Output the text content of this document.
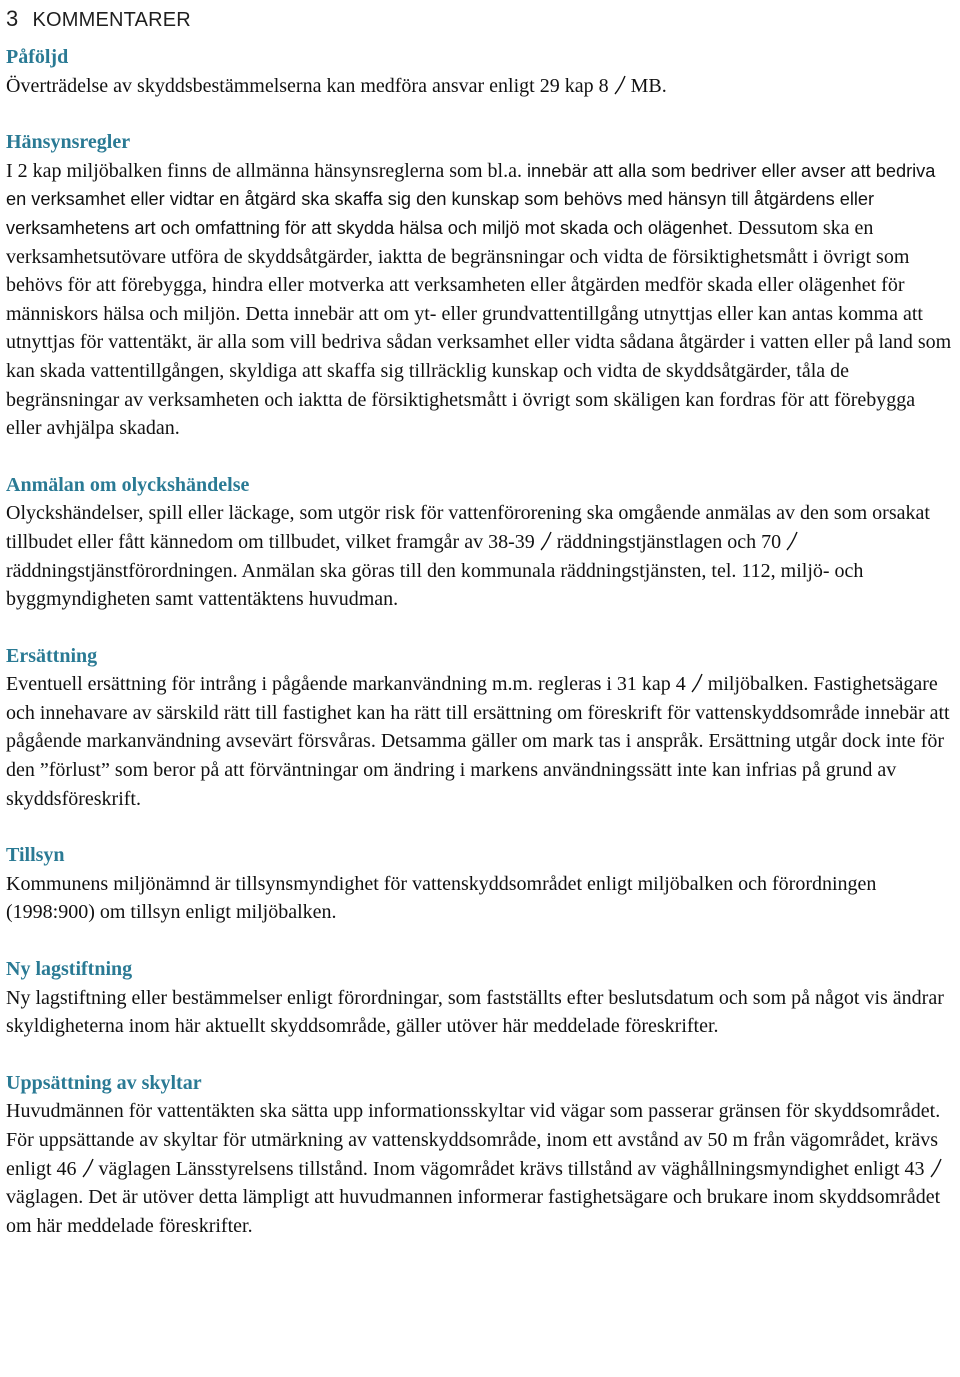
3 KOMMENTARER

Påföljd

Överträdelse av skyddsbestämmelserna kan medföra ansvar enligt 29 kap 8 MB.

Hänsynsregler

I 2 kap miljöbalken finns de allmänna hänsynsreglerna som bl.a. innebär att alla som bedriver eller avser att bedriva en verksamhet eller vidtar en åtgärd ska skaffa sig den kunskap som behövs med hänsyn till åtgärdens eller verksamhetens art och omfattning för att skydda hälsa och miljö mot skada och olägenhet. Dessutom ska en verksamhetsutövare utföra de skyddsåtgärder, iaktta de begränsningar och vidta de försiktighetsmått i övrigt som behövs för att förebygga, hindra eller motverka att verksamheten eller åtgärden medför skada eller olägenhet för människors hälsa och miljön. Detta innebär att om yt- eller grundvattentillgång utnyttjas eller kan antas komma att utnyttjas för vattentäkt, är alla som vill bedriva sådan verksamhet eller vidta sådana åtgärder i vatten eller på land som kan skada vattentillgången, skyldiga att skaffa sig tillräcklig kunskap och vidta de skyddsåtgärder, tåla de begränsningar av verksamheten och iaktta de försiktighetsmått i övrigt som skäligen kan fordras för att förebygga eller avhjälpa skadan.

Anmälan om olyckshändelse

Olyckshändelser, spill eller läckage, som utgör risk för vattenförorening ska omgående anmälas av den som orsakat tillbudet eller fått kännedom om tillbudet, vilket framgår av 38-39 räddningstjänstlagen och 70
räddningstjänstförordningen. Anmälan ska göras till den kommunala räddningstjänsten, tel. 112, miljö- och byggmyndigheten samt vattentäktens huvudman.

Ersättning

Eventuell ersättning för intrång i pågående markanvändning m.m. regleras i 31 kap 4 miljöbalken. Fastighetsägare och innehavare av särskild rätt till fastighet kan ha rätt till ersättning om föreskrift för vattenskyddsområde innebär att pågående markanvändning avsevärt försvåras. Detsamma gäller om mark tas i anspråk. Ersättning utgår dock inte för den ”förlust” som beror på att förväntningar om ändring i markens användningssätt inte kan infrias på grund av skyddsföreskrift.

Tillsyn

Kommunens miljönämnd är tillsynsmyndighet för vattenskyddsområdet enligt miljöbalken och förordningen (1998:900) om tillsyn enligt miljöbalken.

Ny lagstiftning

Ny lagstiftning eller bestämmelser enligt förordningar, som fastställts efter beslutsdatum och som på något vis ändrar skyldigheterna inom här aktuellt skyddsområde, gäller utöver här meddelade föreskrifter.

Uppsättning av skyltar

Huvudmännen för vattentäkten ska sätta upp informationsskyltar vid vägar som passerar gränsen för skyddsområdet. För uppsättande av skyltar för utmärkning av vattenskyddsområde, inom ett avstånd av 50 m från vägområdet, krävs enligt 46 väglagen Länsstyrelsens tillstånd. Inom vägområdet krävs tillstånd av väghållningsmyndighet enligt 43
väglagen. Det är utöver detta lämpligt att huvudmannen informerar fastighetsägare och brukare inom skyddsområdet om här meddelade föreskrifter.
